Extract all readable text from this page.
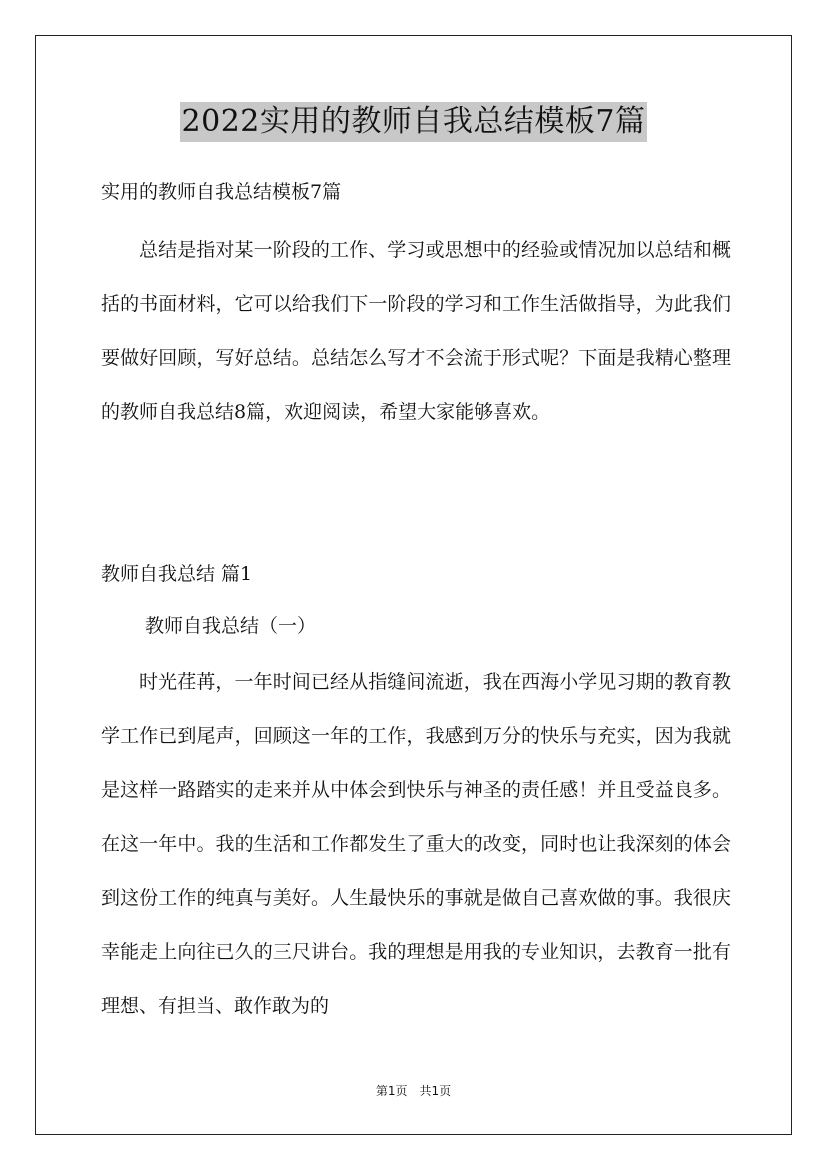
2022实用的教师自我总结模板7篇
实用的教师自我总结模板7篇

总结是指对某一阶段的工作、学习或思想中的经验或情况加以总结和概括的书面材料，它可以给我们下一阶段的学习和工作生活做指导，为此我们要做好回顾，写好总结。总结怎么写才不会流于形式呢？下面是我精心整理的教师自我总结8篇，欢迎阅读，希望大家能够喜欢。

教师自我总结 篇1
教师自我总结（一）

时光荏苒，一年时间已经从指缝间流逝，我在西海小学见习期的教育教学工作已到尾声，回顾这一年的工作，我感到万分的快乐与充实，因为我就是这样一路踏实的走来并从中体会到快乐与神圣的责任感！并且受益良多。在这一年中。我的生活和工作都发生了重大的改变，同时也让我深刻的体会到这份工作的纯真与美好。人生最快乐的事就是做自己喜欢做的事。我很庆幸能走上向往已久的三尺讲台。我的理想是用我的专业知识，去教育一批有理想、有担当、敢作敢为的

第1页　共1页
